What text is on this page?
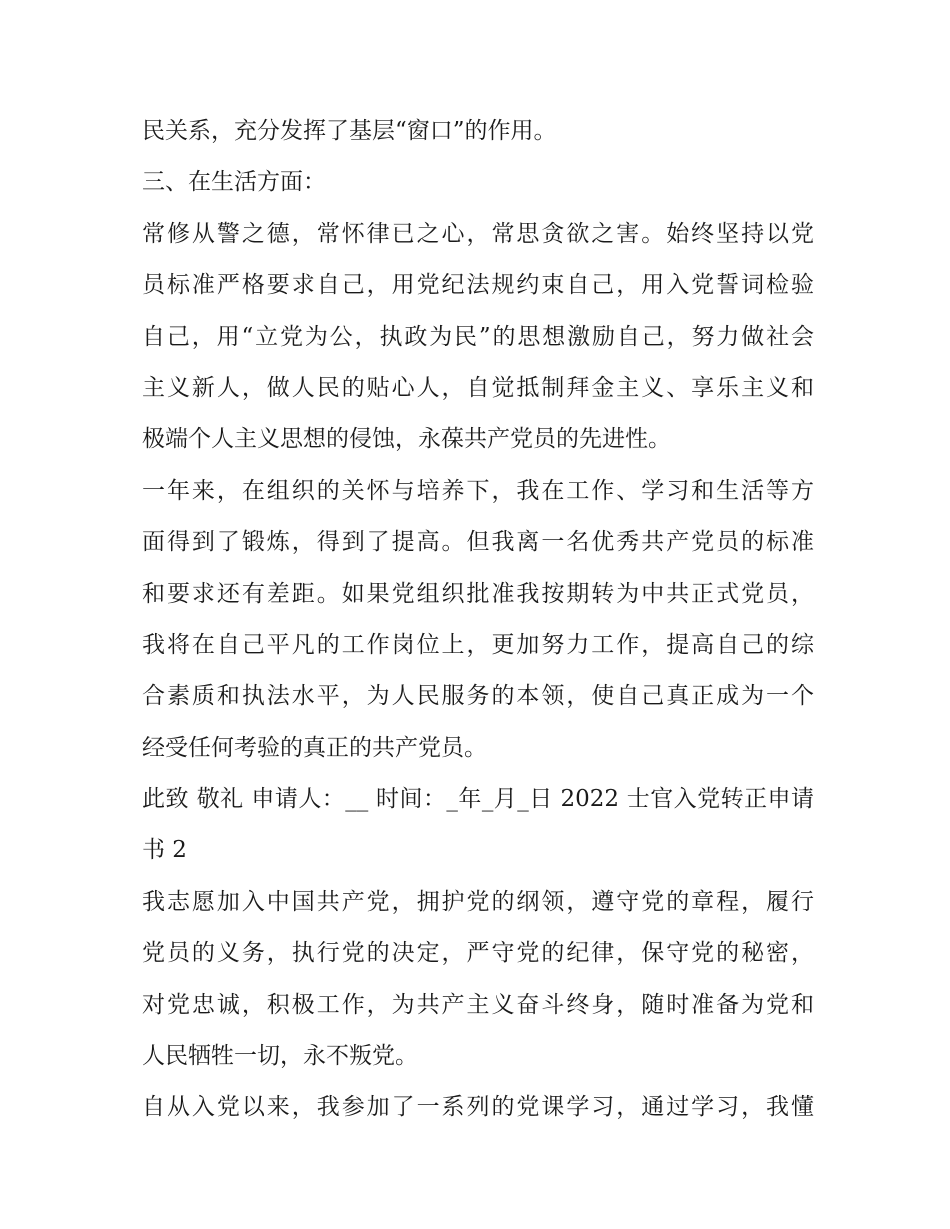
民关系，充分发挥了基层“窗口”的作用。
三、在生活方面：
常修从警之德，常怀律已之心，常思贪欲之害。始终坚持以党
员标准严格要求自己，用党纪法规约束自己，用入党誓词检验
自己，用“立党为公，执政为民”的思想激励自己，努力做社会
主义新人，做人民的贴心人，自觉抵制拜金主义、享乐主义和
极端个人主义思想的侵蚀，永葆共产党员的先进性。
一年来，在组织的关怀与培养下，我在工作、学习和生活等方
面得到了锻炼，得到了提高。但我离一名优秀共产党员的标准
和要求还有差距。如果党组织批准我按期转为中共正式党员，
我将在自己平凡的工作岗位上，更加努力工作，提高自己的综
合素质和执法水平，为人民服务的本领，使自己真正成为一个
经受任何考验的真正的共产党员。
此致 敬礼 申请人：__ 时间：_年_月_日 2022 士官入党转正申请
书 2
我志愿加入中国共产党，拥护党的纲领，遵守党的章程，履行
党员的义务，执行党的决定，严守党的纪律，保守党的秘密，
对党忠诚，积极工作，为共产主义奋斗终身，随时准备为党和
人民牺牲一切，永不叛党。
自从入党以来，我参加了一系列的党课学习，通过学习，我懂
